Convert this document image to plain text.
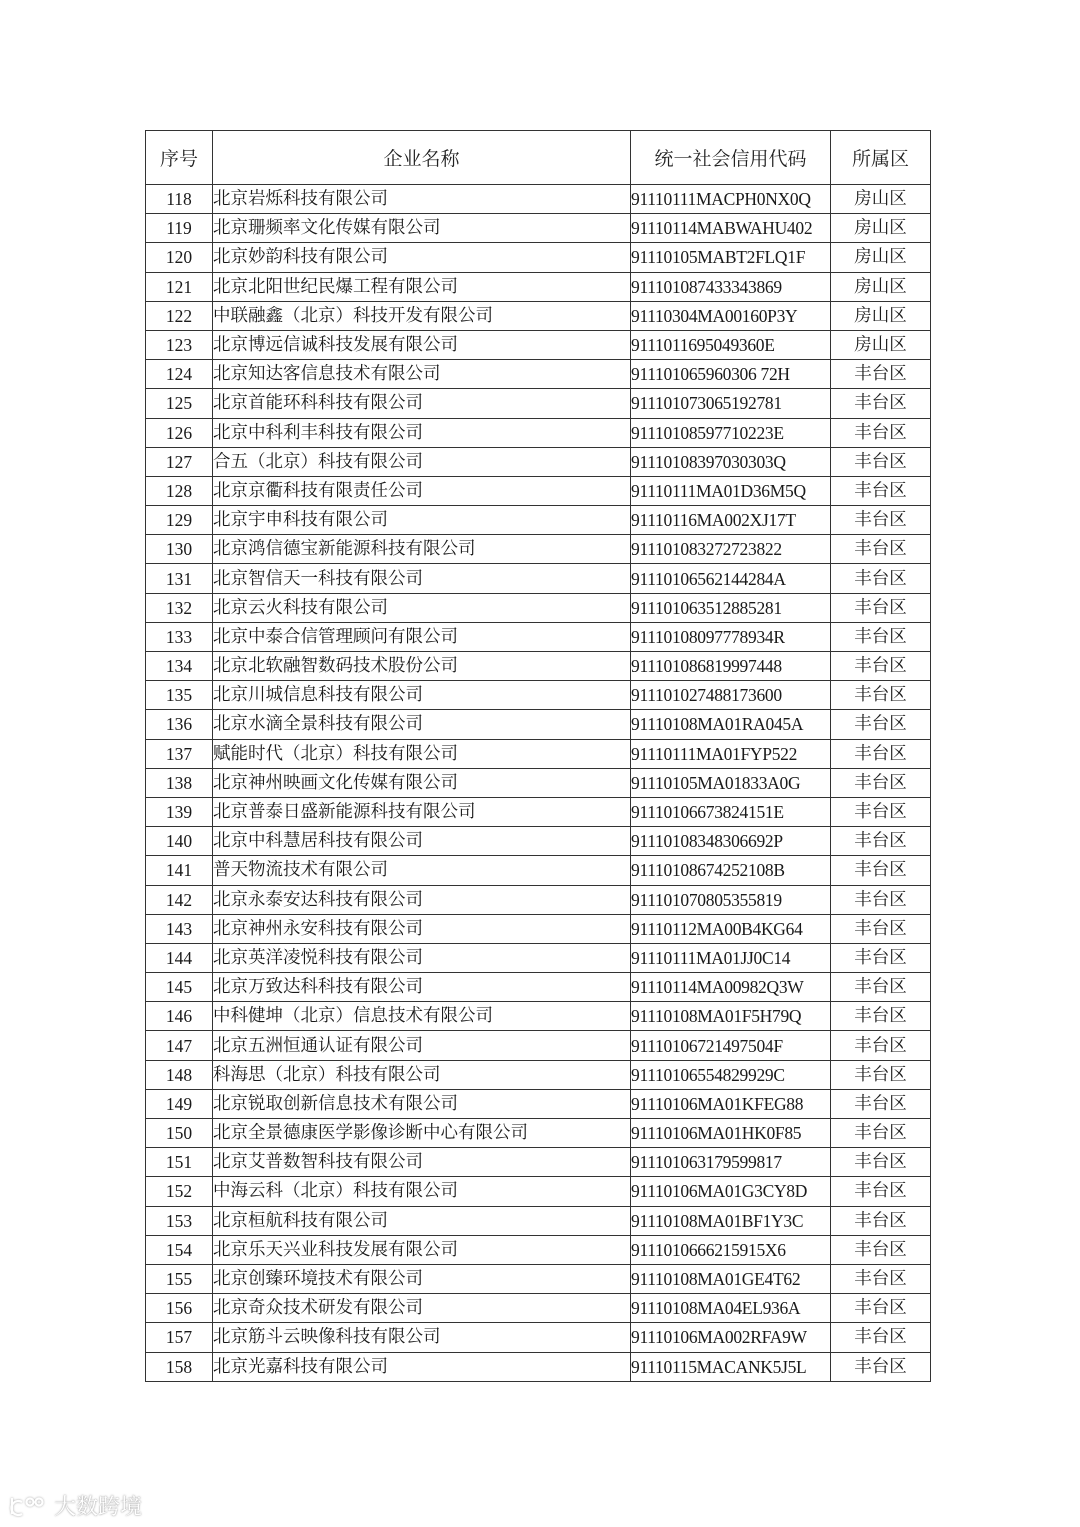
序号	企业名称	统一社会信用代码	所属区
118	北京岩烁科技有限公司	91110111MACPH0NX0Q	房山区
119	北京珊频率文化传媒有限公司	91110114MABWAHU402	房山区
120	北京妙韵科技有限公司	91110105MABT2FLQ1F	房山区
121	北京北阳世纪民爆工程有限公司	911101087433343869	房山区
122	中联融鑫（北京）科技开发有限公司	91110304MA00160P3Y	房山区
123	北京博远信诚科技发展有限公司	9111011695049360E	房山区
124	北京知达客信息技术有限公司	911101065960306 72H	丰台区
125	北京首能环科科技有限公司	911101073065192781	丰台区
126	北京中科利丰科技有限公司	91110108597710223E	丰台区
127	合五（北京）科技有限公司	91110108397030303Q	丰台区
128	北京京衢科技有限责任公司	91110111MA01D36M5Q	丰台区
129	北京宇申科技有限公司	91110116MA002XJ17T	丰台区
130	北京鸿信德宝新能源科技有限公司	911101083272723822	丰台区
131	北京智信天一科技有限公司	91110106562144284A	丰台区
132	北京云火科技有限公司	911101063512885281	丰台区
133	北京中泰合信管理顾问有限公司	91110108097778934R	丰台区
134	北京北软融智数码技术股份公司	911101086819997448	丰台区
135	北京川城信息科技有限公司	911101027488173600	丰台区
136	北京水滴全景科技有限公司	91110108MA01RA045A	丰台区
137	赋能时代（北京）科技有限公司	91110111MA01FYP522	丰台区
138	北京神州映画文化传媒有限公司	91110105MA01833A0G	丰台区
139	北京普泰日盛新能源科技有限公司	91110106673824151E	丰台区
140	北京中科慧居科技有限公司	91110108348306692P	丰台区
141	普天物流技术有限公司	91110108674252108B	丰台区
142	北京永泰安达科技有限公司	911101070805355819	丰台区
143	北京神州永安科技有限公司	91110112MA00B4KG64	丰台区
144	北京英洋凌悦科技有限公司	91110111MA01JJ0C14	丰台区
145	北京万致达科科技有限公司	91110114MA00982Q3W	丰台区
146	中科健坤（北京）信息技术有限公司	91110108MA01F5H79Q	丰台区
147	北京五洲恒通认证有限公司	91110106721497504F	丰台区
148	科海思（北京）科技有限公司	91110106554829929C	丰台区
149	北京锐取创新信息技术有限公司	91110106MA01KFEG88	丰台区
150	北京全景德康医学影像诊断中心有限公司	91110106MA01HK0F85	丰台区
151	北京艾普数智科技有限公司	911101063179599817	丰台区
152	中海云科（北京）科技有限公司	91110106MA01G3CY8D	丰台区
153	北京桓航科技有限公司	91110108MA01BF1Y3C	丰台区
154	北京乐天兴业科技发展有限公司	9111010666215915X6	丰台区
155	北京创臻环境技术有限公司	91110108MA01GE4T62	丰台区
156	北京奇众技术研发有限公司	91110108MA04EL936A	丰台区
157	北京筋斗云映像科技有限公司	91110106MA002RFA9W	丰台区
158	北京光嘉科技有限公司	91110115MACANK5J5L	丰台区
大数跨境
